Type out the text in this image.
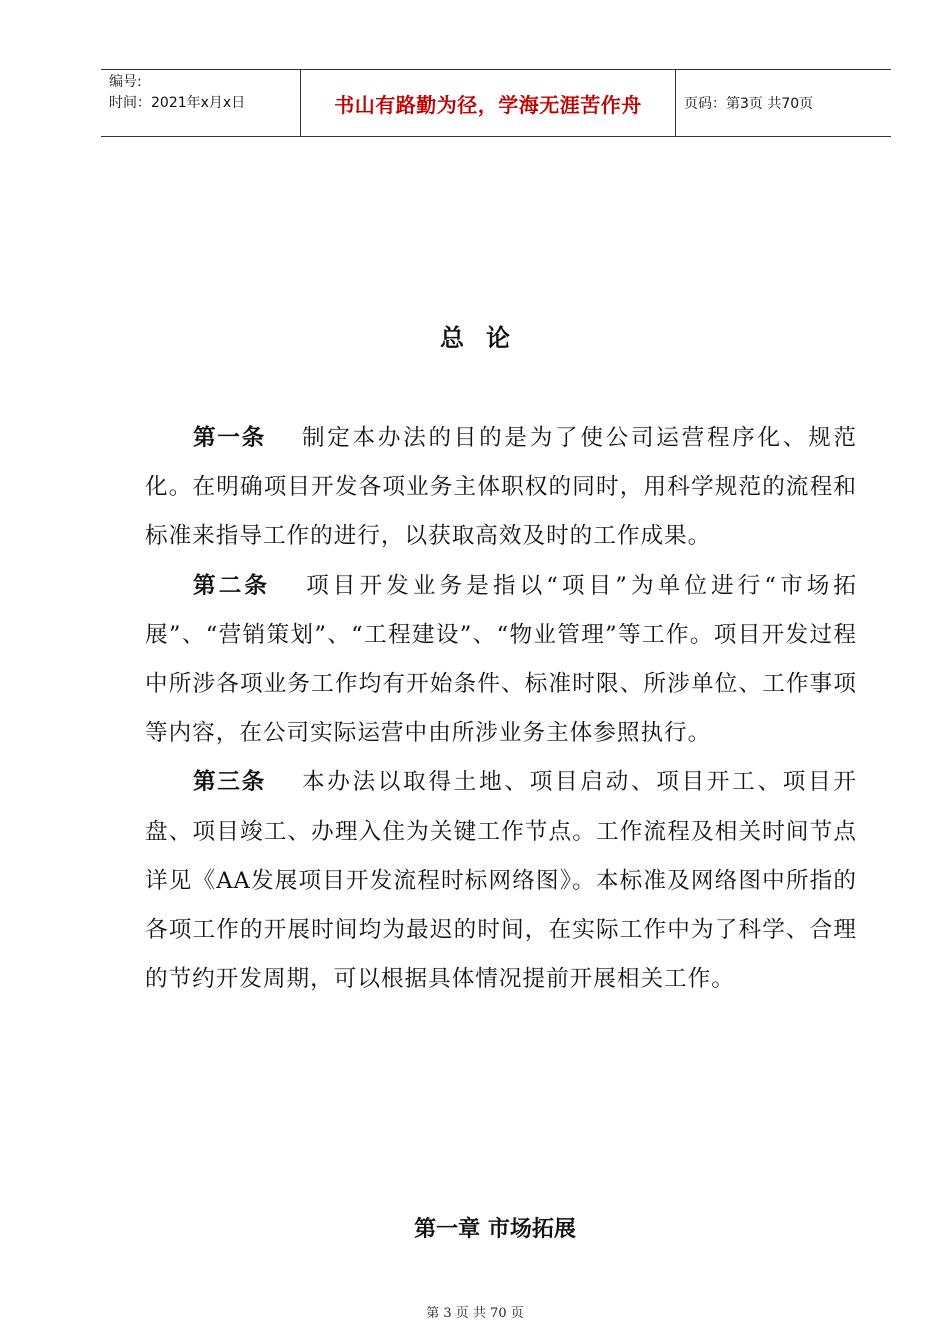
编号:
时间：2021年x月x日	书山有路勤为径，学海无涯苦作舟	页码：第3页 共70页
总论

第一条 制定本办法的目的是为了使公司运营程序化、规范化。在明确项目开发各项业务主体职权的同时，用科学规范的流程和标准来指导工作的进行，以获取高效及时的工作成果。

第二条 项目开发业务是指以“项目”为单位进行“市场拓展”、“营销策划”、“工程建设”、“物业管理”等工作。项目开发过程中所涉各项业务工作均有开始条件、标准时限、所涉单位、工作事项等内容，在公司实际运营中由所涉业务主体参照执行。

第三条 本办法以取得土地、项目启动、项目开工、项目开盘、项目竣工、办理入住为关键工作节点。工作流程及相关时间节点详见《AA发展项目开发流程时标网络图》。本标准及网络图中所指的各项工作的开展时间均为最迟的时间，在实际工作中为了科学、合理的节约开发周期，可以根据具体情况提前开展相关工作。

第一章 市场拓展
第 3 页 共 70 页
